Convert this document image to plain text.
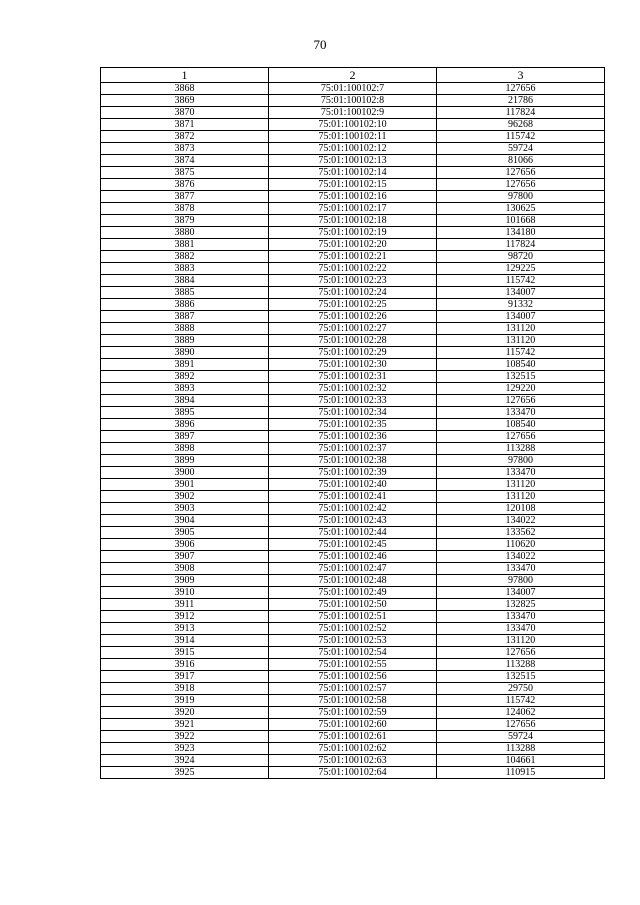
70
1	2	3
3868	75:01:100102:7	127656
3869	75:01:100102:8	21786
3870	75:01:100102:9	117824
3871	75:01:100102:10	96268
3872	75:01:100102:11	115742
3873	75:01:100102:12	59724
3874	75:01:100102:13	81066
3875	75:01:100102:14	127656
3876	75:01:100102:15	127656
3877	75:01:100102:16	97800
3878	75:01:100102:17	130625
3879	75:01:100102:18	101668
3880	75:01:100102:19	134180
3881	75:01:100102:20	117824
3882	75:01:100102:21	98720
3883	75:01:100102:22	129225
3884	75:01:100102:23	115742
3885	75:01:100102:24	134007
3886	75:01:100102:25	91332
3887	75:01:100102:26	134007
3888	75:01:100102:27	131120
3889	75:01:100102:28	131120
3890	75:01:100102:29	115742
3891	75:01:100102:30	108540
3892	75:01:100102:31	132515
3893	75:01:100102:32	129220
3894	75:01:100102:33	127656
3895	75:01:100102:34	133470
3896	75:01:100102:35	108540
3897	75:01:100102:36	127656
3898	75:01:100102:37	113288
3899	75:01:100102:38	97800
3900	75:01:100102:39	133470
3901	75:01:100102:40	131120
3902	75:01:100102:41	131120
3903	75:01:100102:42	120108
3904	75:01:100102:43	134022
3905	75:01:100102:44	133562
3906	75:01:100102:45	110620
3907	75:01:100102:46	134022
3908	75:01:100102:47	133470
3909	75:01:100102:48	97800
3910	75:01:100102:49	134007
3911	75:01:100102:50	132825
3912	75:01:100102:51	133470
3913	75:01:100102:52	133470
3914	75:01:100102:53	131120
3915	75:01:100102:54	127656
3916	75:01:100102:55	113288
3917	75:01:100102:56	132515
3918	75:01:100102:57	29750
3919	75:01:100102:58	115742
3920	75:01:100102:59	124062
3921	75:01:100102:60	127656
3922	75:01:100102:61	59724
3923	75:01:100102:62	113288
3924	75:01:100102:63	104661
3925	75:01:100102:64	110915
